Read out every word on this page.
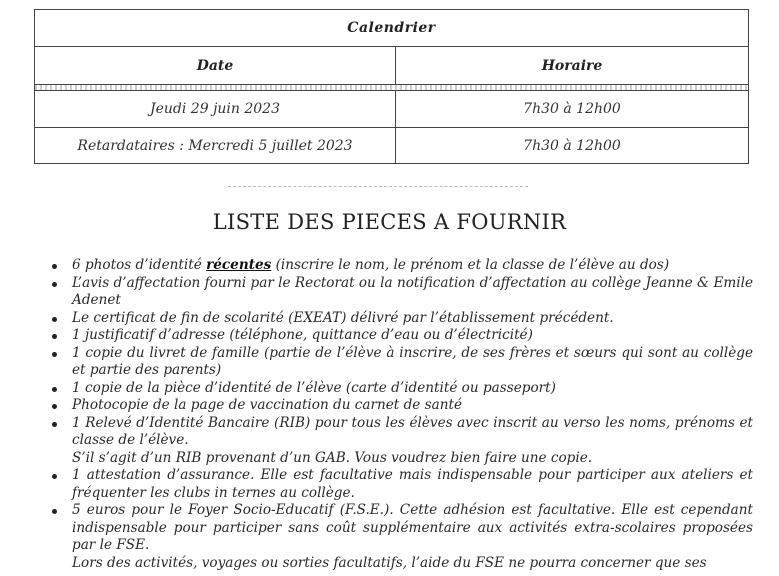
Calendrier
Date	Horaire
Jeudi 29 juin 2023	7h30 à 12h00
Retardataires : Mercredi 5 juillet 2023	7h30 à 12h00
LISTE DES PIECES A FOURNIR
6 photos d’identité récentes (inscrire le nom, le prénom et la classe de l’élève au dos)
L’avis d’affectation fourni par le Rectorat ou la notification d’affectation au collège Jeanne & Emile Adenet
Le certificat de fin de scolarité (EXEAT) délivré par l’établissement précédent.
1 justificatif d’adresse (téléphone, quittance d’eau ou d’électricité)
1 copie du livret de famille (partie de l’élève à inscrire, de ses frères et sœurs qui sont au collège et partie des parents)
1 copie de la pièce d’identité de l’élève (carte d’identité ou passeport)
Photocopie de la page de vaccination du carnet de santé
1 Relevé d’Identité Bancaire (RIB) pour tous les élèves avec inscrit au verso les noms, prénoms et classe de l’élève.
S’il s’agit d’un RIB provenant d’un GAB. Vous voudrez bien faire une copie.
1 attestation d’assurance. Elle est facultative mais indispensable pour participer aux ateliers et fréquenter les clubs in ternes au collège.
5 euros pour le Foyer Socio-Educatif (F.S.E.). Cette adhésion est facultative. Elle est cependant indispensable pour participer sans coût supplémentaire aux activités extra-scolaires proposées par le FSE.
Lors des activités, voyages ou sorties facultatifs, l’aide du FSE ne pourra concerner que ses
